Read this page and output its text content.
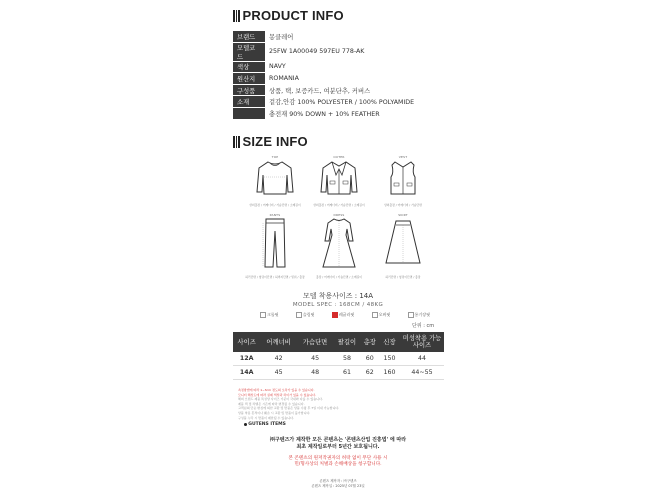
PRODUCT INFO
브랜드	몽클레어
모델코드	25FW 1A00049 597EU 778-AK
색상	NAVY
원산지	ROMANIA
구성품	상품, 택, 보증카드, 여분단추, 커버스
소재	겉감,안감 100% POLYESTER / 100% POLYAMIDE
	충전재 90% DOWN + 10% FEATHER
SIZE INFO
TOP
상의총장 / 어깨너비 / 가슴단면 / 소매길이
OUTER
상의총장 / 어깨너비 / 가슴단면 / 소매길이
VEST
상의총장 / 어깨너비 / 가슴단면
PANTS
허리단면 / 엉덩이단면 / 허벅지단면 / 밑위 / 총장
DRESS
총장 / 어깨너비 / 가슴단면 / 소매길이
SKIRT
허리단면 / 엉덩이단면 / 총장
모델 착용사이즈 : 14A
MODEL SPEC : 168CM / 48KG
크롭핏	슬림핏	레귤러핏	오버핏	롱기장핏
단위 : cm
사이즈	어깨너비	가슴단면	팔길이	총장	신장	미성착용 가능사이즈
12A	42	45	58	60	150	44
14A	45	48	61	62	160	44~55
측정방법에 따라 1~3cm 정도의 오차가 있을 수 있습니다.
모니터 해상도에 따라 실제 색상과 차이가 있을 수 있습니다.
해외 브랜드 제품 특성상 사이즈 기준이 국내와 다를 수 있습니다.
제품 택 및 라벨은 시즌에 따라 변경될 수 있습니다.
고객님의 단순 변심에 의한 교환 및 반품은 상품 수령 후 7일 이내 가능합니다.
상품 착용 흔적이나 훼손 시 교환 및 반품이 불가합니다.
구성품 누락 시 반품이 제한될 수 있습니다.
GUTENS ITEMS
㈜구텐즈가 제작한 모든 콘텐츠는 '콘텐츠산업 진흥법' 에 따라
최초 제작일로부터 5년간 보호됩니다.
본 콘텐츠의 원저작권자의 허락 없이 무단 사용 시
민/형사상의 처벌과 손해배상을 청구합니다.
콘텐츠 제작자 : ㈜구텐즈
콘텐츠 제작일 : 2025년 07월 23일
